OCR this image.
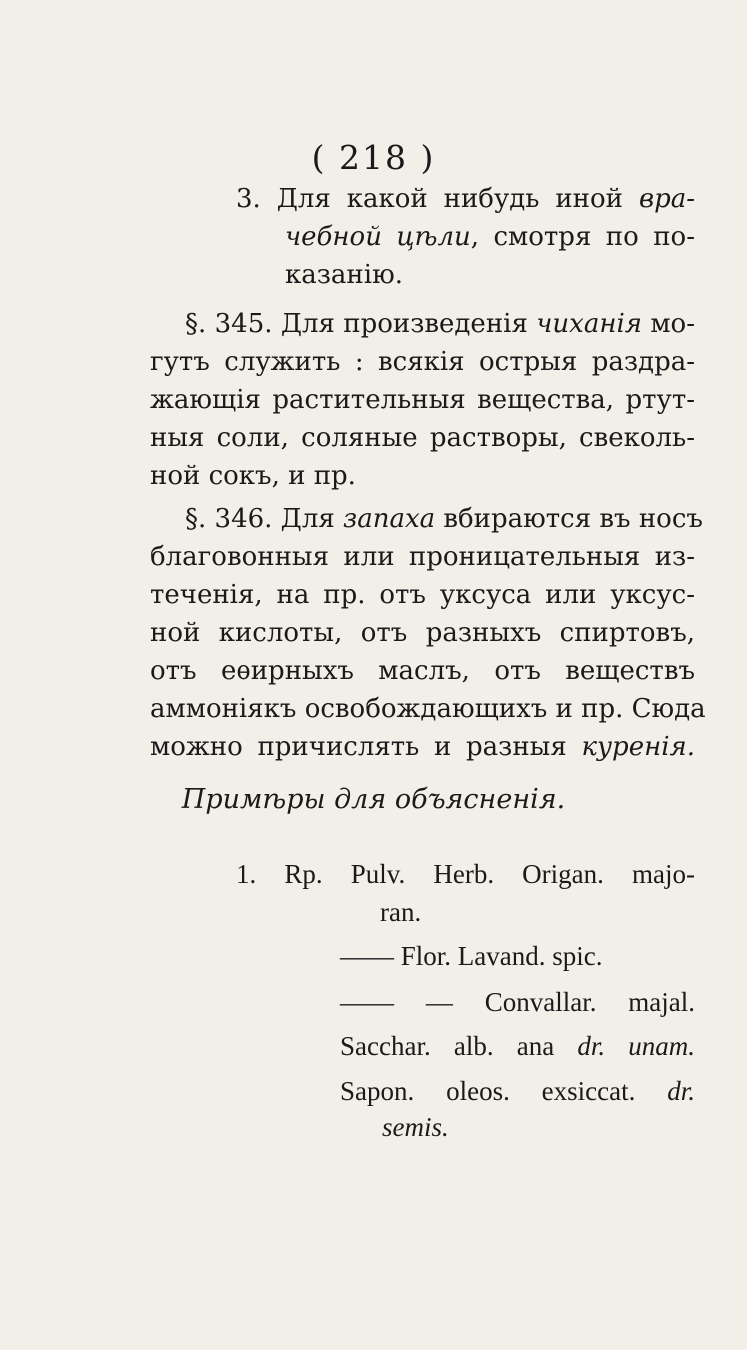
( 218 )
3. Для какой нибудь иной вра-
чебной цѣли, смотря по по-
казанію.
§. 345. Для произведенія чиханія мо-
гутъ служить : всякія острыя раздра-
жающія растительныя вещества, ртут-
ныя соли, соляные растворы, свеколь-
ной сокъ, и пр.
§. 346. Для запаха вбираются въ носъ
благовонныя или проницательныя из-
теченія, на пр. отъ уксуса или уксус-
ной кислоты, отъ разныхъ спиртовъ,
отъ еѳирныхъ маслъ, отъ веществъ
аммоніякъ освобождающихъ и пр. Сюда
можно причислять и разныя куренія.
Примѣры для объясненія.
1. Rp. Pulv. Herb. Origan. majo-
ran.
—— Flor. Lavand. spic.
—— — Convallar. majal.
Sacchar. alb. ana dr. unam.
Sapon. oleos. exsiccat. dr.
semis.
